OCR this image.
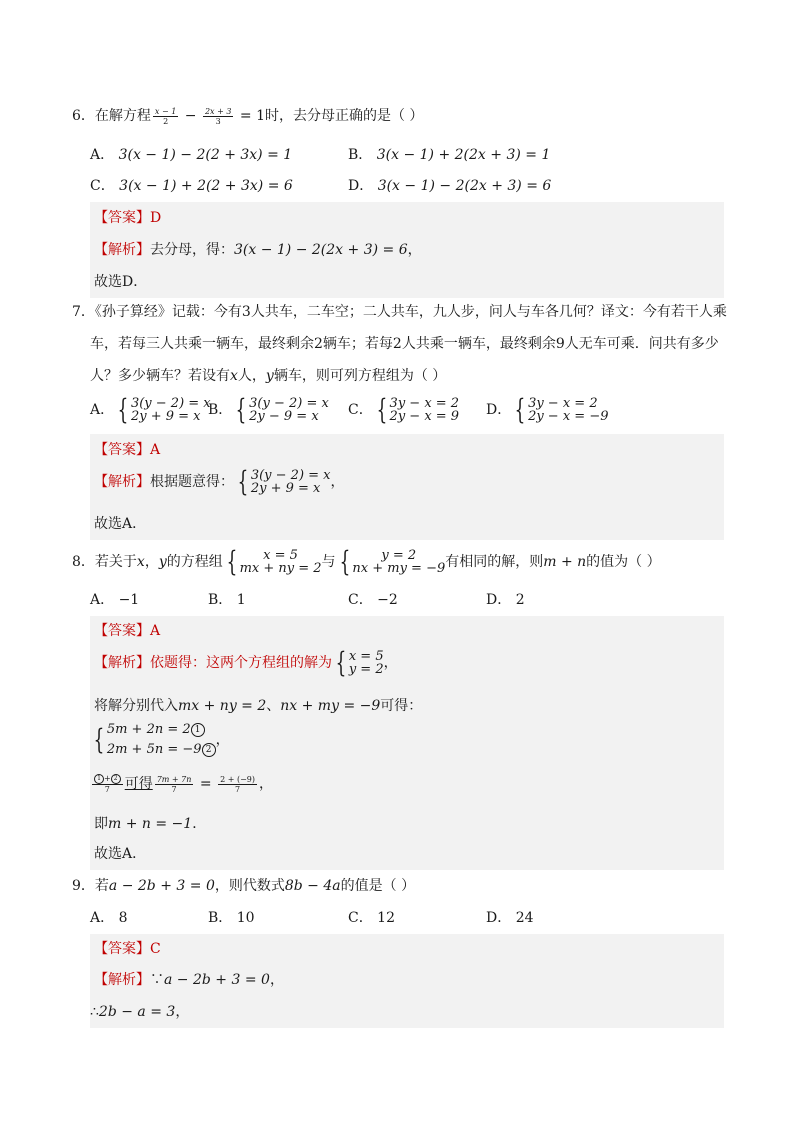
6．在解方程 $\frac{x - 1}{2} - \frac{2x + 3}{3} = 1$时，去分母正确的是（ ）
A． 3(x − 1) − 2(2 + 3x) = 1	B． 3(x − 1) + 2(2x + 3) = 1
C． 3(x − 1) + 2(2 + 3x) = 6	D． 3(x − 1) − 2(2x + 3) = 6
【答案】D
【解析】去分母，得：3(x − 1) − 2(2x + 3) = 6，
故选D．
7．《孙子算经》记载：今有3人共车，二车空；二人共车，九人步，问人与车各几何？译文：今有若干人乘
车，若每三人共乘一辆车，最终剩余2辆车；若每2人共乘一辆车，最终剩余9人无车可乘．问共有多少
人？多少辆车？若设有x人，y辆车，则可列方程组为（ ）
A． { 3(y − 2) = x
2y + 9 = x B． { 3(y − 2) = x
2y − 9 = x	C． { 3y − x = 2
2y − x = 9 D． { 3y − x = 2
2y − x = −9
【答案】A
【解析】根据题意得： { 3(y − 2) = x
2y + 9 = x ，
故选A．
8．若关于x，y的方程组 {	x = 5
mx + ny = 2 与 {	y = 2
nx + my = −9 有相同的解，则m + n的值为（ ）
A． −1	B． 1	C． −2	D． 2
【答案】A
【解析】依题得：这两个方程组的解为 { x = 5
y = 2 ，
将解分别代入mx + ny = 2、nx + my = −9可得：
{ 5m + 2n = 2 1
2m + 5n = −9 2
，
$\frac{1 + 2}{7}$ 可得 $\frac{7m + 7n}{7} = \frac{2 + (-9)}{7}$ ，
即m + n = −1．
故选A．
9．若a − 2b + 3 = 0，则代数式8b − 4a的值是（ ）
A． 8	B． 10	C． 12	D． 24
【答案】C
【解析】∵a − 2b + 3 = 0，
∴2b − a = 3，
